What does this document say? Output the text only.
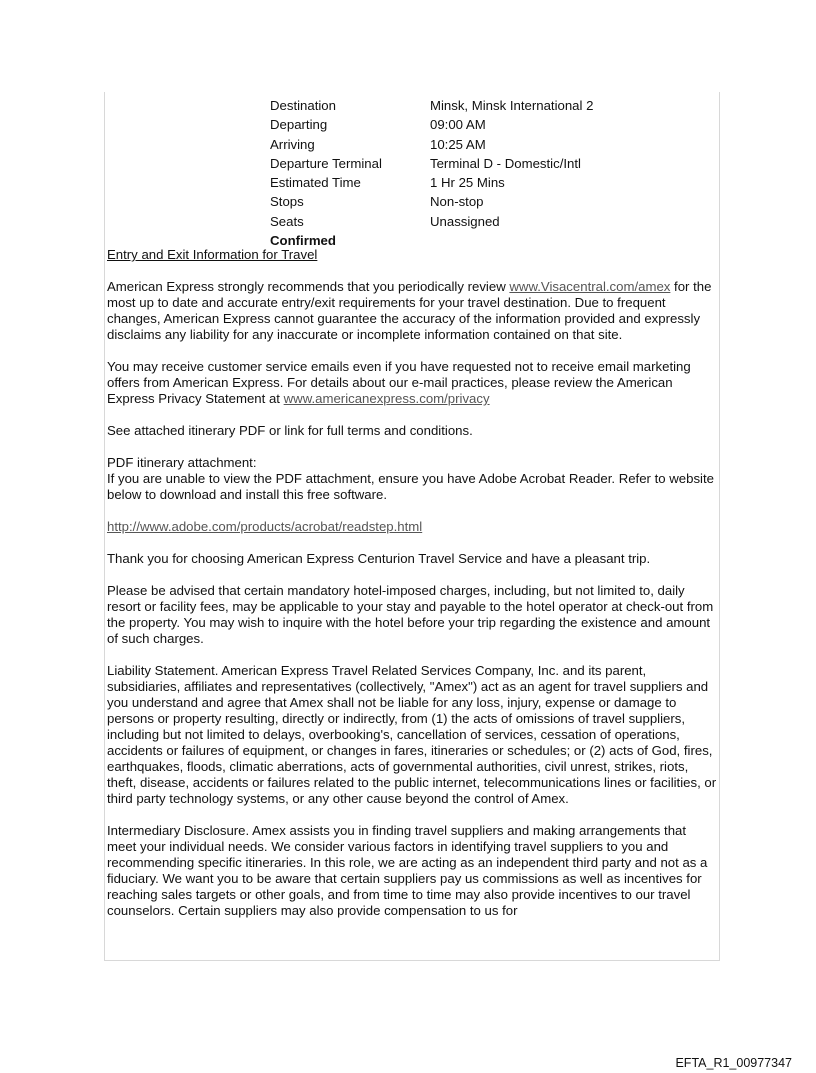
Destination	Minsk, Minsk International 2
Departing	09:00 AM
Arriving	10:25 AM
Departure Terminal	Terminal D - Domestic/Intl
Estimated Time	1 Hr 25 Mins
Stops	Non-stop
Seats	Unassigned
Confirmed
Entry and Exit Information for Travel

American Express strongly recommends that you periodically review www.Visacentral.com/amex for the most up to date and accurate entry/exit requirements for your travel destination. Due to frequent changes, American Express cannot guarantee the accuracy of the information provided and expressly disclaims any liability for any inaccurate or incomplete information contained on that site.

You may receive customer service emails even if you have requested not to receive email marketing offers from American Express. For details about our e-mail practices, please review the American Express Privacy Statement at www.americanexpress.com/privacy

See attached itinerary PDF or link for full terms and conditions.

PDF itinerary attachment:
If you are unable to view the PDF attachment, ensure you have Adobe Acrobat Reader. Refer to website below to download and install this free software.

http://www.adobe.com/products/acrobat/readstep.html

Thank you for choosing American Express Centurion Travel Service and have a pleasant trip.

Please be advised that certain mandatory hotel-imposed charges, including, but not limited to, daily resort or facility fees, may be applicable to your stay and payable to the hotel operator at check-out from the property. You may wish to inquire with the hotel before your trip regarding the existence and amount of such charges.

Liability Statement. American Express Travel Related Services Company, Inc. and its parent, subsidiaries, affiliates and representatives (collectively, "Amex") act as an agent for travel suppliers and you understand and agree that Amex shall not be liable for any loss, injury, expense or damage to persons or property resulting, directly or indirectly, from (1) the acts of omissions of travel suppliers, including but not limited to delays, overbooking's, cancellation of services, cessation of operations, accidents or failures of equipment, or changes in fares, itineraries or schedules; or (2) acts of God, fires, earthquakes, floods, climatic aberrations, acts of governmental authorities, civil unrest, strikes, riots, theft, disease, accidents or failures related to the public internet, telecommunications lines or facilities, or third party technology systems, or any other cause beyond the control of Amex.

Intermediary Disclosure. Amex assists you in finding travel suppliers and making arrangements that meet your individual needs. We consider various factors in identifying travel suppliers to you and recommending specific itineraries. In this role, we are acting as an independent third party and not as a fiduciary. We want you to be aware that certain suppliers pay us commissions as well as incentives for reaching sales targets or other goals, and from time to time may also provide incentives to our travel counselors. Certain suppliers may also provide compensation to us for

EFTA_R1_00977347
